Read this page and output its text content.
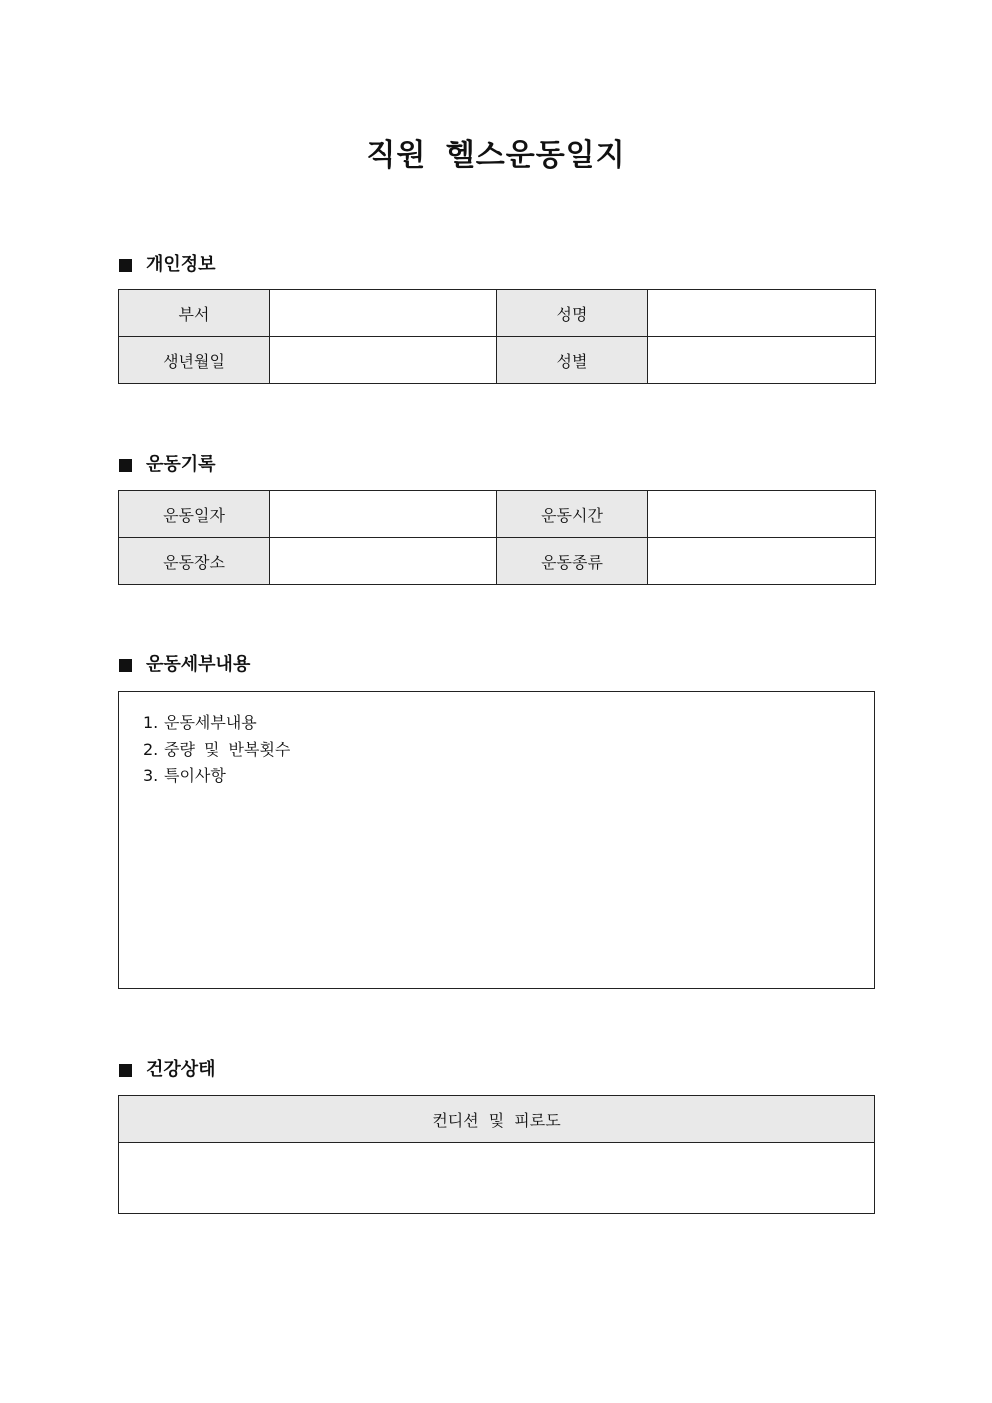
직원 헬스운동일지
개인정보
부서		성명	
생년월일		성별	
운동기록
운동일자		운동시간	
운동장소		운동종류	
운동세부내용
1. 운동세부내용
2. 중량 및 반복횟수
3. 특이사항
건강상태
컨디션 및 피로도
